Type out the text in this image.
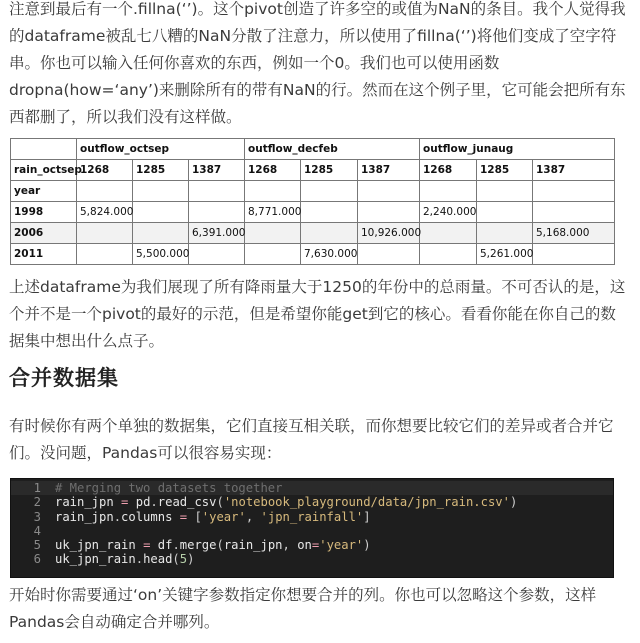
注意到最后有一个.fillna(‘’)。这个pivot创造了许多空的或值为NaN的条目。我个人觉得我的dataframe被乱七八糟的NaN分散了注意力，所以使用了fillna(‘’)将他们变成了空字符串。你也可以输入任何你喜欢的东西，例如一个0。我们也可以使用函数dropna(how=‘any’)来删除所有的带有NaN的行。然而在这个例子里，它可能会把所有东西都删了，所以我们没有这样做。

	outflow_octsep			outflow_decfeb			outflow_junaug		
rain_octsep	1268	1285	1387	1268	1285	1387	1268	1285	1387
year									
1998	5,824.000			8,771.000			2,240.000		
2006			6,391.000			10,926.000			5,168.000
2011		5,500.000			7,630.000			5,261.000	

上述dataframe为我们展现了所有降雨量大于1250的年份中的总雨量。不可否认的是，这个并不是一个pivot的最好的示范，但是希望你能get到它的核心。看看你能在你自己的数据集中想出什么点子。

合并数据集

有时候你有两个单独的数据集，它们直接互相关联，而你想要比较它们的差异或者合并它们。没问题，Pandas可以很容易实现：

1	# Merging two datasets together
2	rain_jpn = pd.read_csv('notebook_playground/data/jpn_rain.csv')
3	rain_jpn.columns = ['year', 'jpn_rainfall']
4
5	uk_jpn_rain = df.merge(rain_jpn, on='year')
6	uk_jpn_rain.head(5)

开始时你需要通过‘on’关键字参数指定你想要合并的列。你也可以忽略这个参数，这样Pandas会自动确定合并哪列。
